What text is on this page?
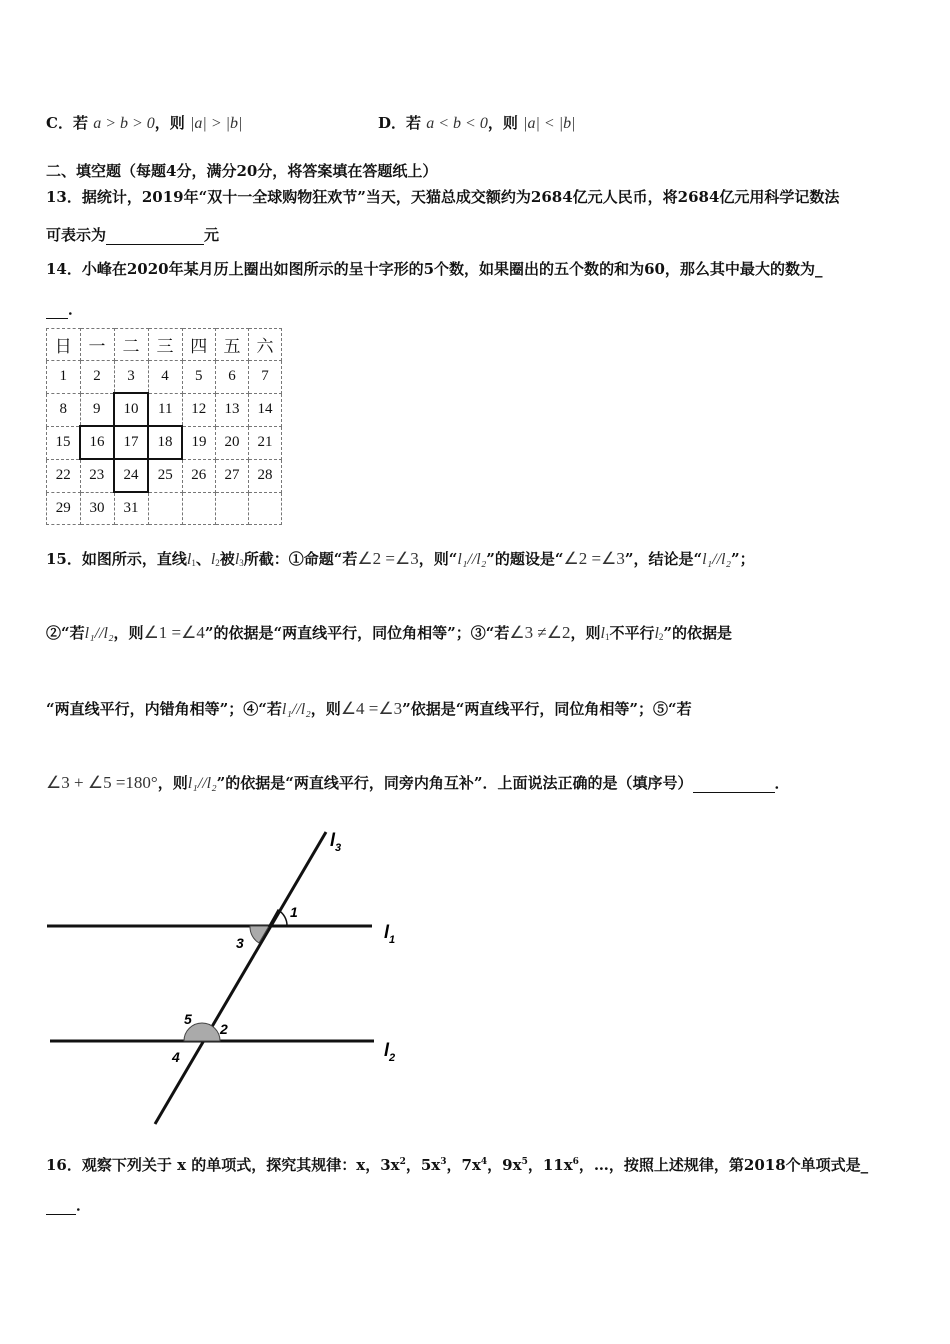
C．若 a > b > 0，则 |a| > |b|	D．若 a < b < 0，则 |a| < |b|
二、填空题（每题4分，满分20分，将答案填在答题纸上）
13．据统计，2019年“双十一全球购物狂欢节”当天，天猫总成交额约为2684亿元人民币，将2684亿元用科学记数法
可表示为	元
14．小峰在2020年某月历上圈出如图所示的呈十字形的5个数，如果圈出的五个数的和为60，那么其中最大的数为_
．
日	一	二	三	四	五	六
1	2	3	4	5	6	7
8	9	10	11	12	13	14
15	16	17	18	19	20	21
22	23	24	25	26	27	28
29	30	31				
15．如图所示，直线$l_1$、$l_2$被$l_3$所截：①命题“若∠2 =∠3，则“l₁//l₂”的题设是“∠2 =∠3”，结论是“l₁//l₂”；
②“若l₁//l₂，则∠1 =∠4”的依据是“两直线平行，同位角相等”；③“若∠3 ≠∠2，则$l_1$不平行$l_2$”的依据是
“两直线平行，内错角相等”；④“若l₁//l₂，则∠4 =∠3”依据是“两直线平行，同位角相等”；⑤“若
∠3 + ∠5 =180°，则l₁//l₂”的依据是“两直线平行，同旁内角互补”．上面说法正确的是（填序号）	．
$l_3$
$l_1$
$l_2$
1
2
3
4
5
16．观察下列关于 x 的单项式，探究其规律：x，$3x^2$，$5x^3$，$7x^4$，$9x^5$，$11x^6$，…，按照上述规律，第2018个单项式是_
．
